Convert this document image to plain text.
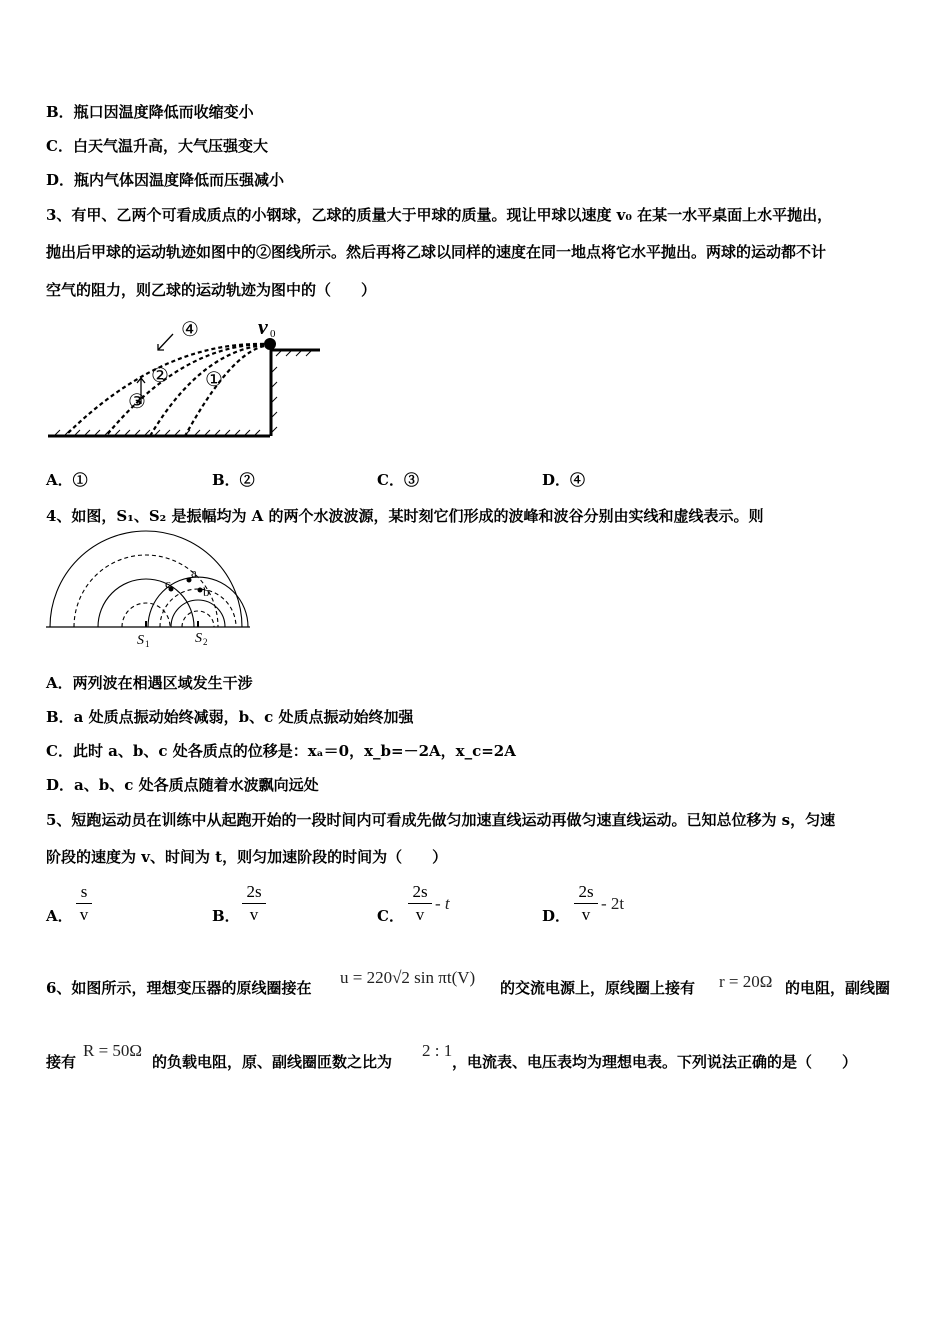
B．瓶口因温度降低而收缩变小
C．白天气温升高，大气压强变大
D．瓶内气体因温度降低而压强减小
3、有甲、乙两个可看成质点的小钢球，乙球的质量大于甲球的质量。现让甲球以速度 v₀ 在某一水平桌面上水平抛出，
抛出后甲球的运动轨迹如图中的②图线所示。然后再将乙球以同样的速度在同一地点将它水平抛出。两球的运动都不计
空气的阻力，则乙球的运动轨迹为图中的（　　）
④
② ①
③
v 0
A．①	B．②	C．③	D．④
4、如图，S₁、S₂ 是振幅均为 A 的两个水波波源，某时刻它们形成的波峰和波谷分别由实线和虚线表示。则
c
a
b
S 1	S 2
A．两列波在相遇区域发生干涉
B．a 处质点振动始终减弱，b、c 处质点振动始终加强
C．此时 a、b、c 处各质点的位移是：xₐ＝0，x_b=－2A，x_c=2A
D．a、b、c 处各质点随着水波飘向远处
5、短跑运动员在训练中从起跑开始的一段时间内可看成先做匀加速直线运动再做匀速直线运动。已知总位移为 s，匀速
阶段的速度为 v、时间为 t，则匀加速阶段的时间为（　　）
A．
s
v	B．
2s
v	C．
2s
v
- t
D．
2s
v
- 2t
6、如图所示，理想变压器的原线圈接在
u = 220√2 sin πt(V)
的交流电源上，原线圈上接有 r = 20Ω 的电阻，副线圈
接有
R = 50Ω
的负载电阻，原、副线圈匝数之比为
2 : 1
，电流表、电压表均为理想电表。下列说法正确的是（　　）
